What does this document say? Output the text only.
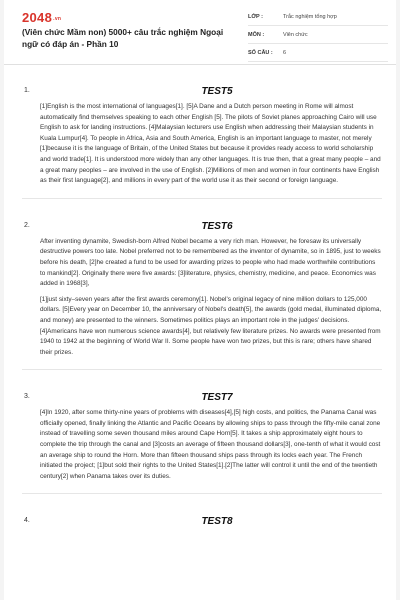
2048.vn
(Viên chức Mầm non) 5000+ câu trắc nghiệm Ngoại ngữ có đáp án - Phần 10
LỚP :	Trắc nghiệm tổng hợp
MÔN :	Viên chức
SỐ CÂU :	6
1.	TEST5

[1]English is the most international of languages[1]. [5]A Dane and a Dutch person meeting in Rome will almost automatically find themselves speaking to each other English [5]. The pilots of Soviet planes approaching Cairo will use English to ask for landing instructions. [4]Malaysian lecturers use English when addressing their Malaysian students in Kuala Lumpur[4]. To people in Africa, Asia and South America, English is an important language to master, not merely [1]because it is the language of Britain, of the United States but because it provides ready access to world scholarship and world trade[1]. It is understood more widely than any other languages. It is true then, that a great many people – and a great many peoples – are involved in the use of English. [2]Millions of men and women in four continents have English as their first language[2], and millions in every part of the world use it as their second or foreign language.

2.	TEST6

After inventing dynamite, Swedish-born Alfred Nobel became a very rich man. However, he foresaw its universally destructive powers too late. Nobel preferred not to be remembered as the inventor of dynamite, so in 1895, just to weeks before his death, [2]he created a fund to be used for awarding prizes to people who had made worthwhile contributions to mankind[2]. Originally there were five awards: [3]literature, physics, chemistry, medicine, and peace. Economics was added in 1968[3],

[1]just sixty–seven years after the first awards ceremony[1]. Nobel's original legacy of nine million dollars to 125,000 dollars. [5]Every year on December 10, the anniversary of Nobel's death[5], the awards (gold medal, illuminated diploma, and money) are presented to the winners. Sometimes politics plays an important role in the judges' decisions. [4]Americans have won numerous science awards[4], but relatively few literature prizes. No awards were presented from 1940 to 1942 at the beginning of World War II. Some people have won two prizes, but this is rare; others have shared their prizes.

3.	TEST7

[4]In 1920, after some thirty-nine years of problems with diseases[4],[5] high costs, and politics, the Panama Canal was officially opened, finally linking the Atlantic and Pacific Oceans by allowing ships to pass through the fifty-mile canal zone instead of travelling some seven thousand miles around Cape Horn[5]. It takes a ship approximately eight hours to complete the trip through the canal and [3]costs an average of fifteen thousand dollars[3], one-tenth of what it would cost an average ship to round the Horn. More than fifteen thousand ships pass through its locks each year. The French initiated the project; [1]but sold their rights to the United States[1].[2]The latter will control it until the end of the twentieth century[2] when Panama takes over its duties.

4.	TEST8
